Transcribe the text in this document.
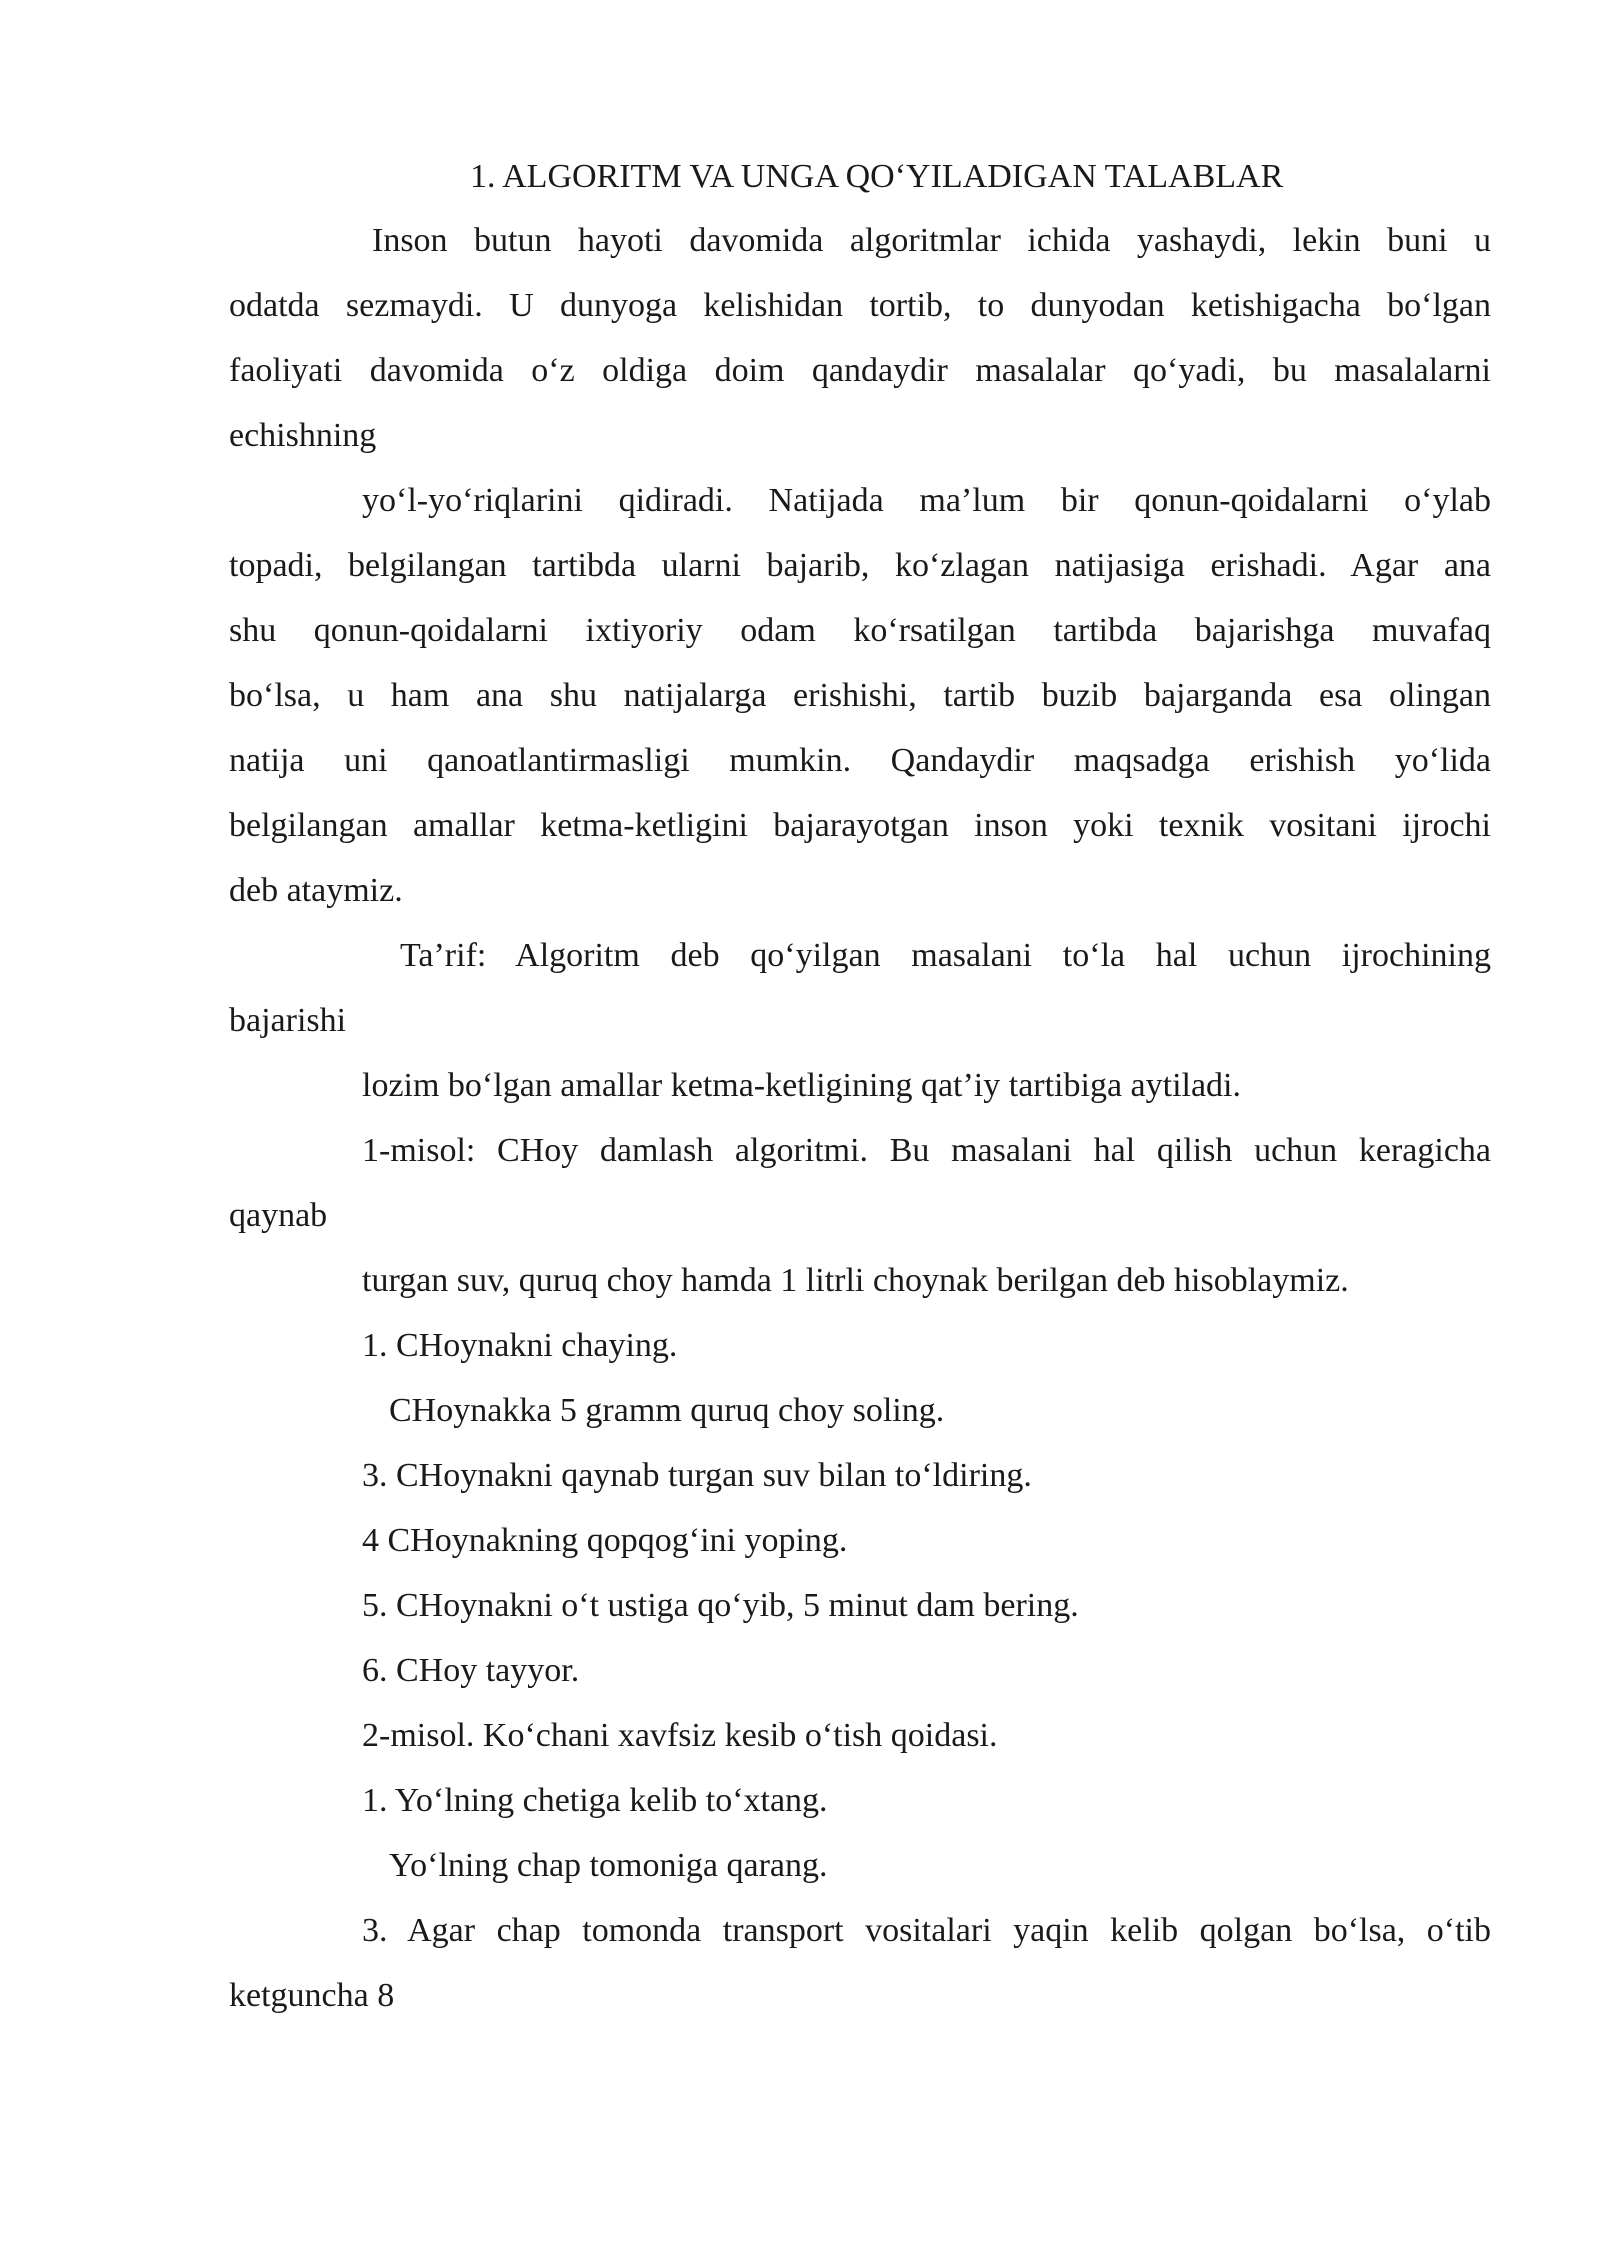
1. ALGORITM VA UNGA QO‘YILADIGAN TALABLAR
Inson butun hayoti davomida algoritmlar ichida yashaydi, lekin buni u
odatda sezmaydi. U dunyoga kelishidan tortib, to dunyodan ketishigacha bo‘lgan
faoliyati davomida o‘z oldiga doim qandaydir masalalar qo‘yadi, bu masalalarni
echishning
yo‘l-yo‘riqlarini qidiradi. Natijada ma’lum bir qonun-qoidalarni o‘ylab
topadi, belgilangan tartibda ularni bajarib, ko‘zlagan natijasiga erishadi. Agar ana
shu qonun-qoidalarni ixtiyoriy odam ko‘rsatilgan tartibda bajarishga muvafaq
bo‘lsa, u ham ana shu natijalarga erishishi, tartib buzib bajarganda esa olingan
natija uni qanoatlantirmasligi mumkin. Qandaydir maqsadga erishish yo‘lida
belgilangan amallar ketma-ketligini bajarayotgan inson yoki texnik vositani ijrochi
deb ataymiz.
Ta’rif: Algoritm deb qo‘yilgan masalani to‘la hal uchun ijrochining
bajarishi
lozim bo‘lgan amallar ketma-ketligining qat’iy tartibiga aytiladi.
1-misol: CHoy damlash algoritmi. Bu masalani hal qilish uchun keragicha
qaynab
turgan suv, quruq choy hamda 1 litrli choynak berilgan deb hisoblaymiz.
1. CHoynakni chaying.
CHoynakka 5 gramm quruq choy soling.
3. CHoynakni qaynab turgan suv bilan to‘ldiring.
4 CHoynakning qopqog‘ini yoping.
5. CHoynakni o‘t ustiga qo‘yib, 5 minut dam bering.
6. CHoy tayyor.
2-misol. Ko‘chani xavfsiz kesib o‘tish qoidasi.
1. Yo‘lning chetiga kelib to‘xtang.
Yo‘lning chap tomoniga qarang.
3. Agar chap tomonda transport vositalari yaqin kelib qolgan bo‘lsa, o‘tib
ketguncha 8
